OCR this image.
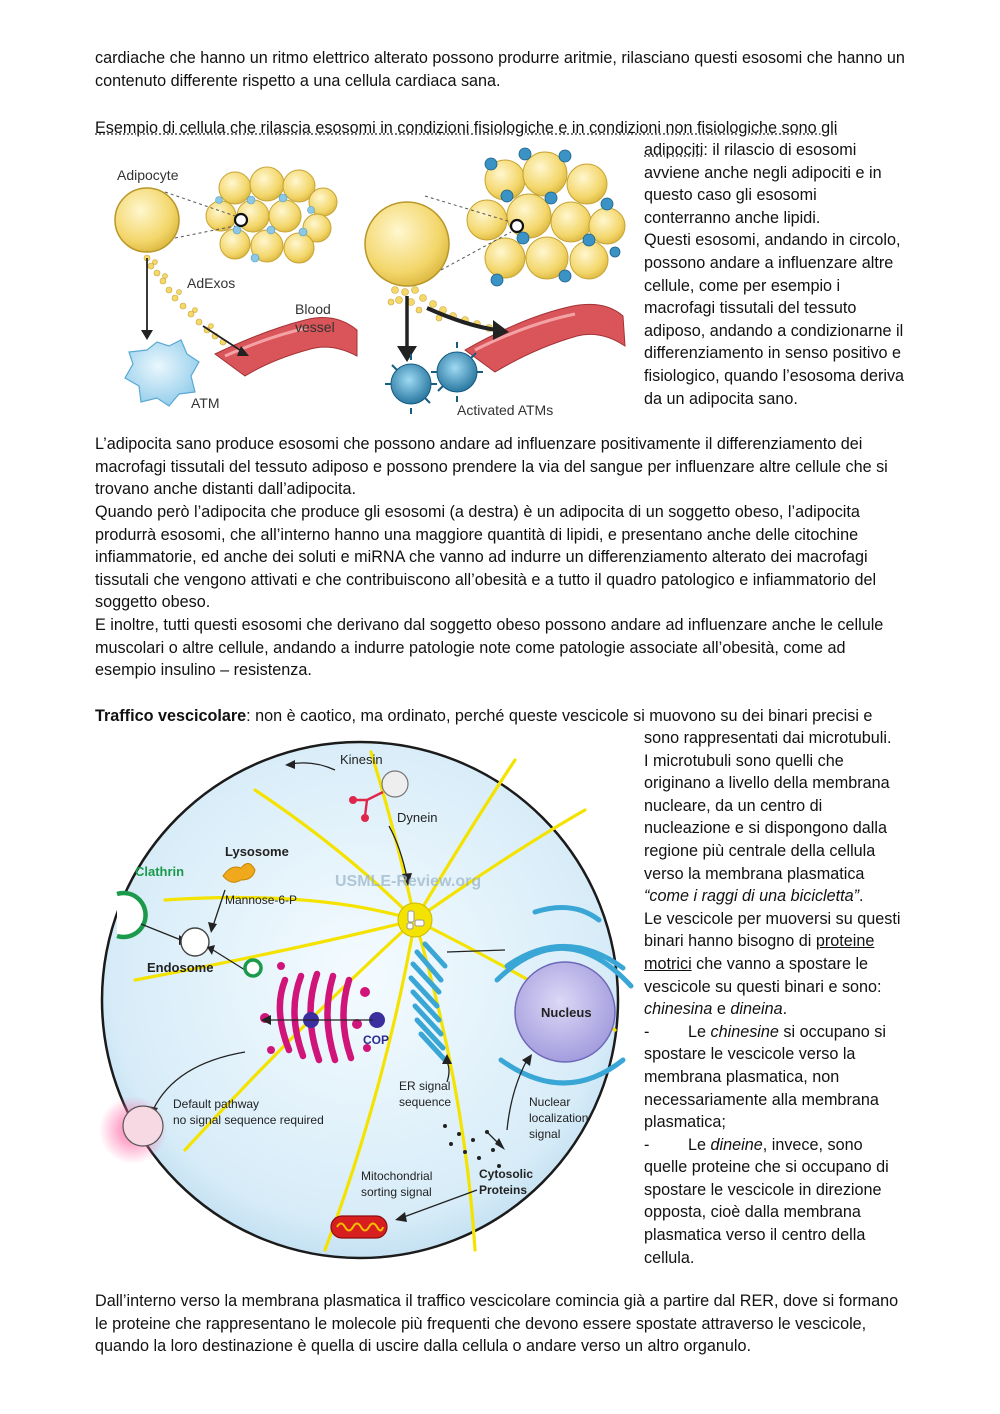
cardiache che hanno un ritmo elettrico alterato possono produrre aritmie, rilasciano questi esosomi che hanno un contenuto differente rispetto a una cellula cardiaca sana.

Esempio di cellula che rilascia esosomi in condizioni fisiologiche e in condizioni non fisiologiche sono gli

adipociti: il rilascio di esosomi avviene anche negli adipociti e in questo caso gli esosomi conterranno anche lipidi.
Questi esosomi, andando in circolo, possono andare a influenzare altre cellule, come per esempio i macrofagi tissutali del tessuto adiposo, andando a condizionarne il differenziamento in senso positivo e fisiologico, quando l’esosoma deriva da un adipocita sano.

Adipocyte
AdExos
ATM
Blood
vessel
Activated ATMs

L’adipocita sano produce esosomi che possono andare ad influenzare positivamente il differenziamento dei macrofagi tissutali del tessuto adiposo e possono prendere la via del sangue per influenzare altre cellule che si trovano anche distanti dall’adipocita.

Quando però l’adipocita che produce gli esosomi (a destra) è un adipocita di un soggetto obeso, l’adipocita produrrà esosomi, che all’interno hanno una maggiore quantità di lipidi, e presentano anche delle citochine infiammatorie, ed anche dei soluti e miRNA che vanno ad indurre un differenziamento alterato dei macrofagi tissutali che vengono attivati e che contribuiscono all’obesità e a tutto il quadro patologico e infiammatorio del soggetto obeso.

E inoltre, tutti questi esosomi che derivano dal soggetto obeso possono andare ad influenzare anche le cellule muscolari o altre cellule, andando a indurre patologie note come patologie associate all’obesità, come ad esempio insulino – resistenza.

Traffico vescicolare: non è caotico, ma ordinato, perché queste vescicole si muovono su dei binari precisi e

sono rappresentati dai microtubuli.
I microtubuli sono quelli che originano a livello della membrana nucleare, da un centro di nucleazione e si dispongono dalla regione più centrale della cellula verso la membrana plasmatica “come i raggi di una bicicletta”.
Le vescicole per muoversi su questi binari hanno bisogno di proteine motrici che vanno a spostare le vescicole su questi binari e sono: chinesina e dineina.
- Le chinesine si occupano si spostare le vescicole verso la membrana plasmatica, non necessariamente alla membrana plasmatica;
- Le dineine, invece, sono quelle proteine che si occupano di spostare le vescicole in direzione opposta, cioè dalla membrana plasmatica verso il centro della cellula.
Kinesin
Dynein
USMLE-Review.org
Lysosome
Clathrin
Mannose-6-P
Endosome
COP
Nucleus
ER signal
sequence	Nuclear
localization
signal
Cytosolic
Proteins
Mitochondrial
sorting signal
Default pathway
no signal sequence required

Dall’interno verso la membrana plasmatica il traffico vescicolare comincia già a partire dal RER, dove si formano le proteine che rappresentano le molecole più frequenti che devono essere spostate attraverso le vescicole, quando la loro destinazione è quella di uscire dalla cellula o andare verso un altro organulo.
